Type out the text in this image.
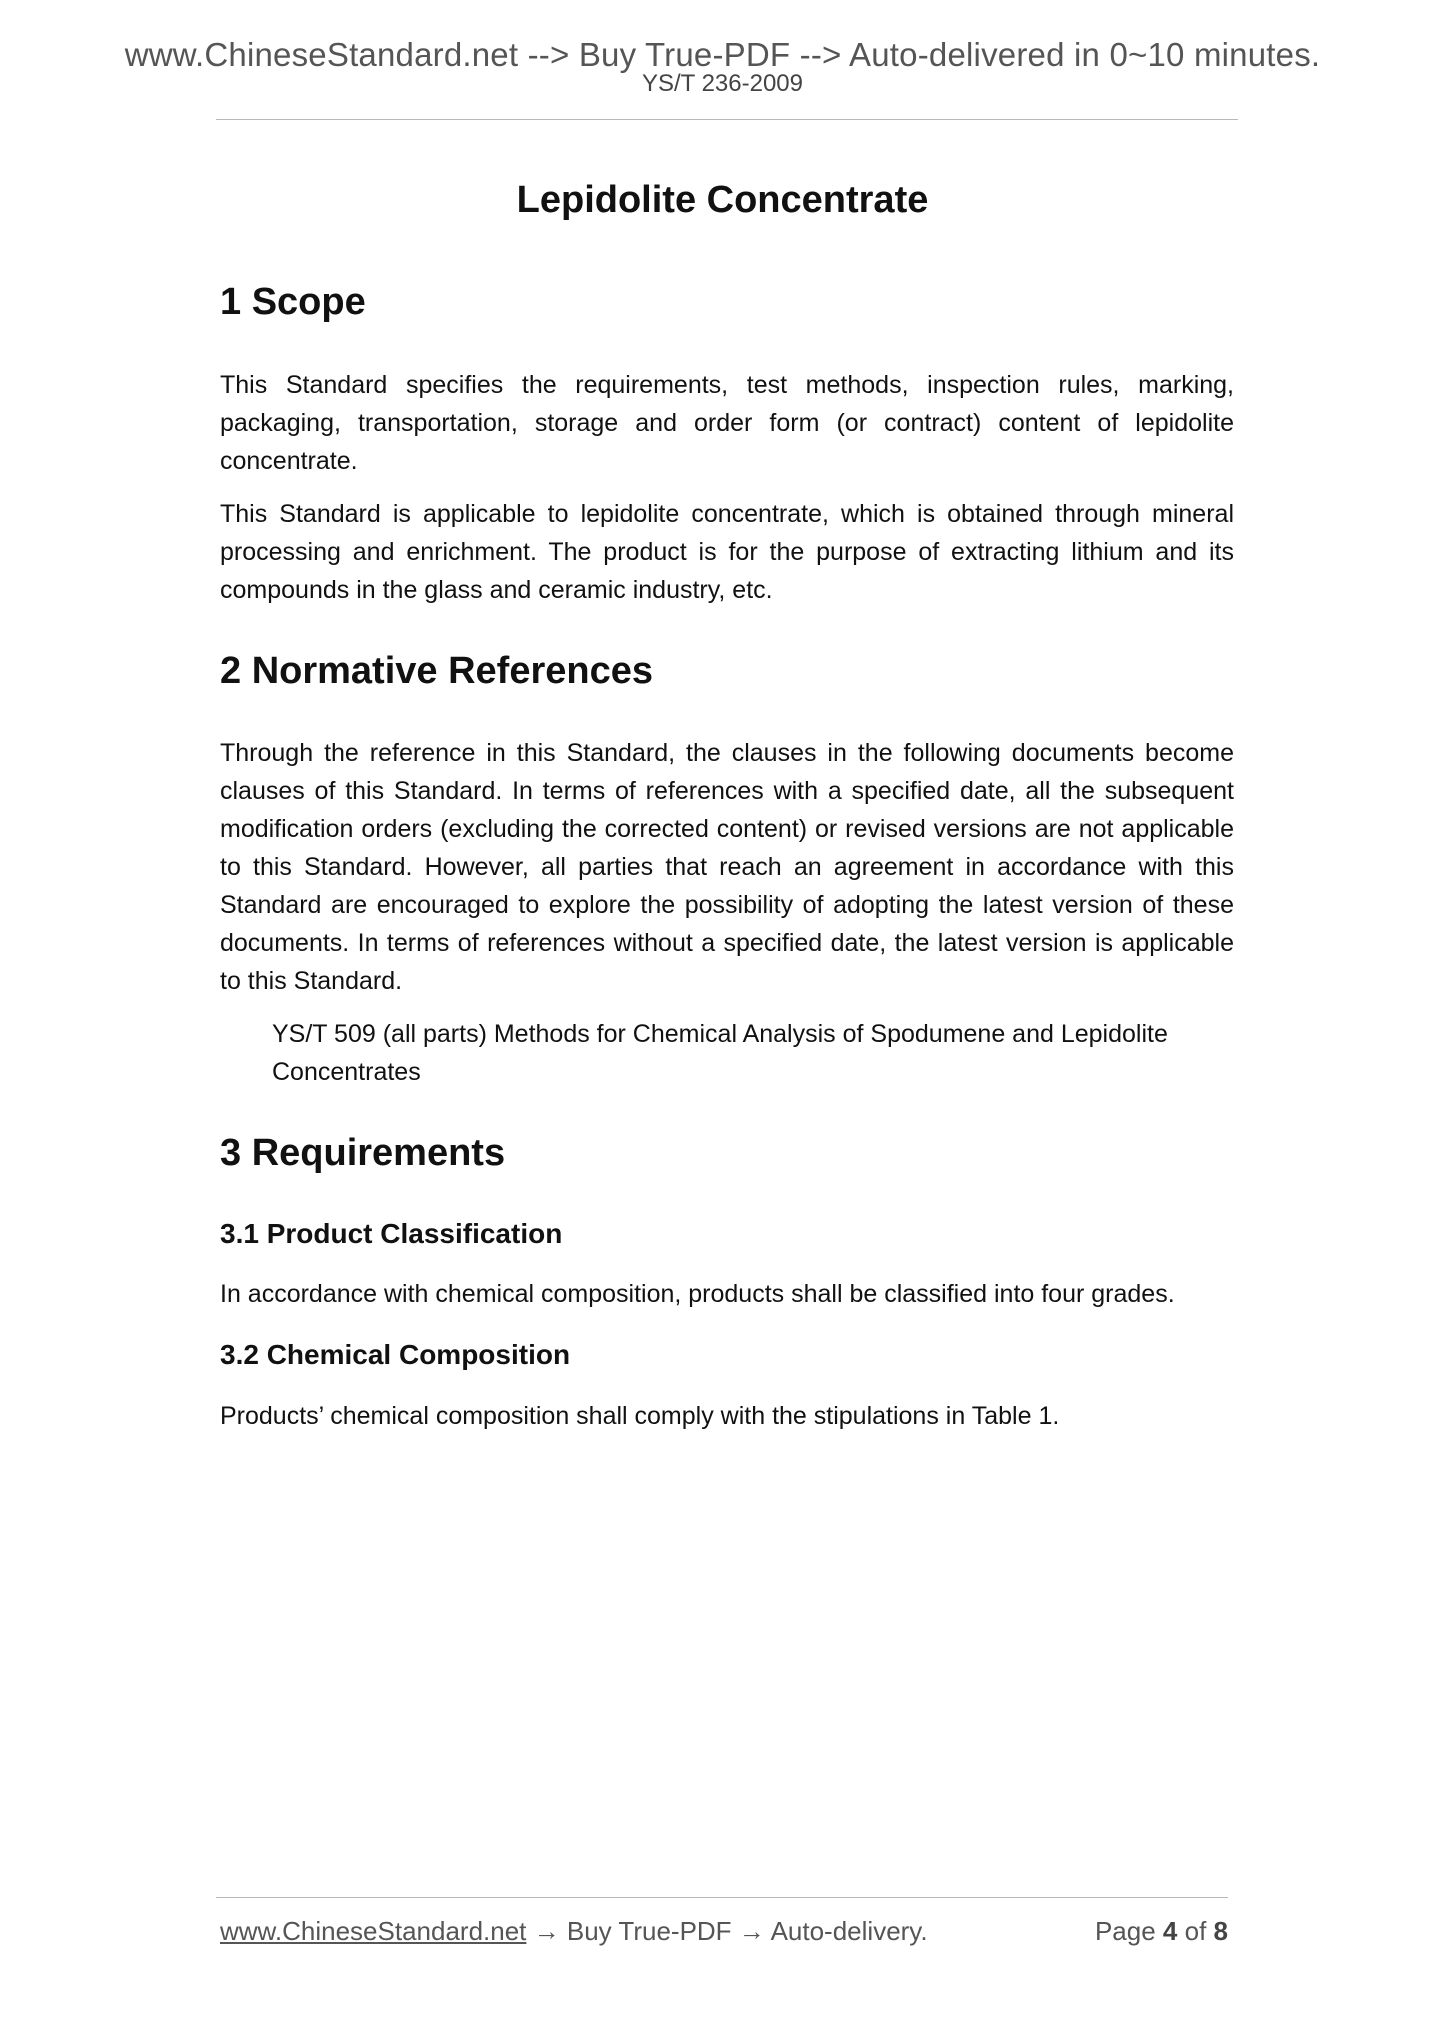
www.ChineseStandard.net --> Buy True-PDF --> Auto-delivered in 0~10 minutes.
YS/T 236-2009
Lepidolite Concentrate
1 Scope

This Standard specifies the requirements, test methods, inspection rules, marking, packaging, transportation, storage and order form (or contract) content of lepidolite concentrate.

This Standard is applicable to lepidolite concentrate, which is obtained through mineral processing and enrichment. The product is for the purpose of extracting lithium and its compounds in the glass and ceramic industry, etc.

2 Normative References

Through the reference in this Standard, the clauses in the following documents become clauses of this Standard. In terms of references with a specified date, all the subsequent modification orders (excluding the corrected content) or revised versions are not applicable to this Standard. However, all parties that reach an agreement in accordance with this Standard are encouraged to explore the possibility of adopting the latest version of these documents. In terms of references without a specified date, the latest version is applicable to this Standard.

YS/T 509 (all parts) Methods for Chemical Analysis of Spodumene and Lepidolite Concentrates

3 Requirements
3.1 Product Classification

In accordance with chemical composition, products shall be classified into four grades.

3.2 Chemical Composition

Products’ chemical composition shall comply with the stipulations in Table 1.

www.ChineseStandard.net → Buy True-PDF → Auto-delivery.	Page 4 of 8
